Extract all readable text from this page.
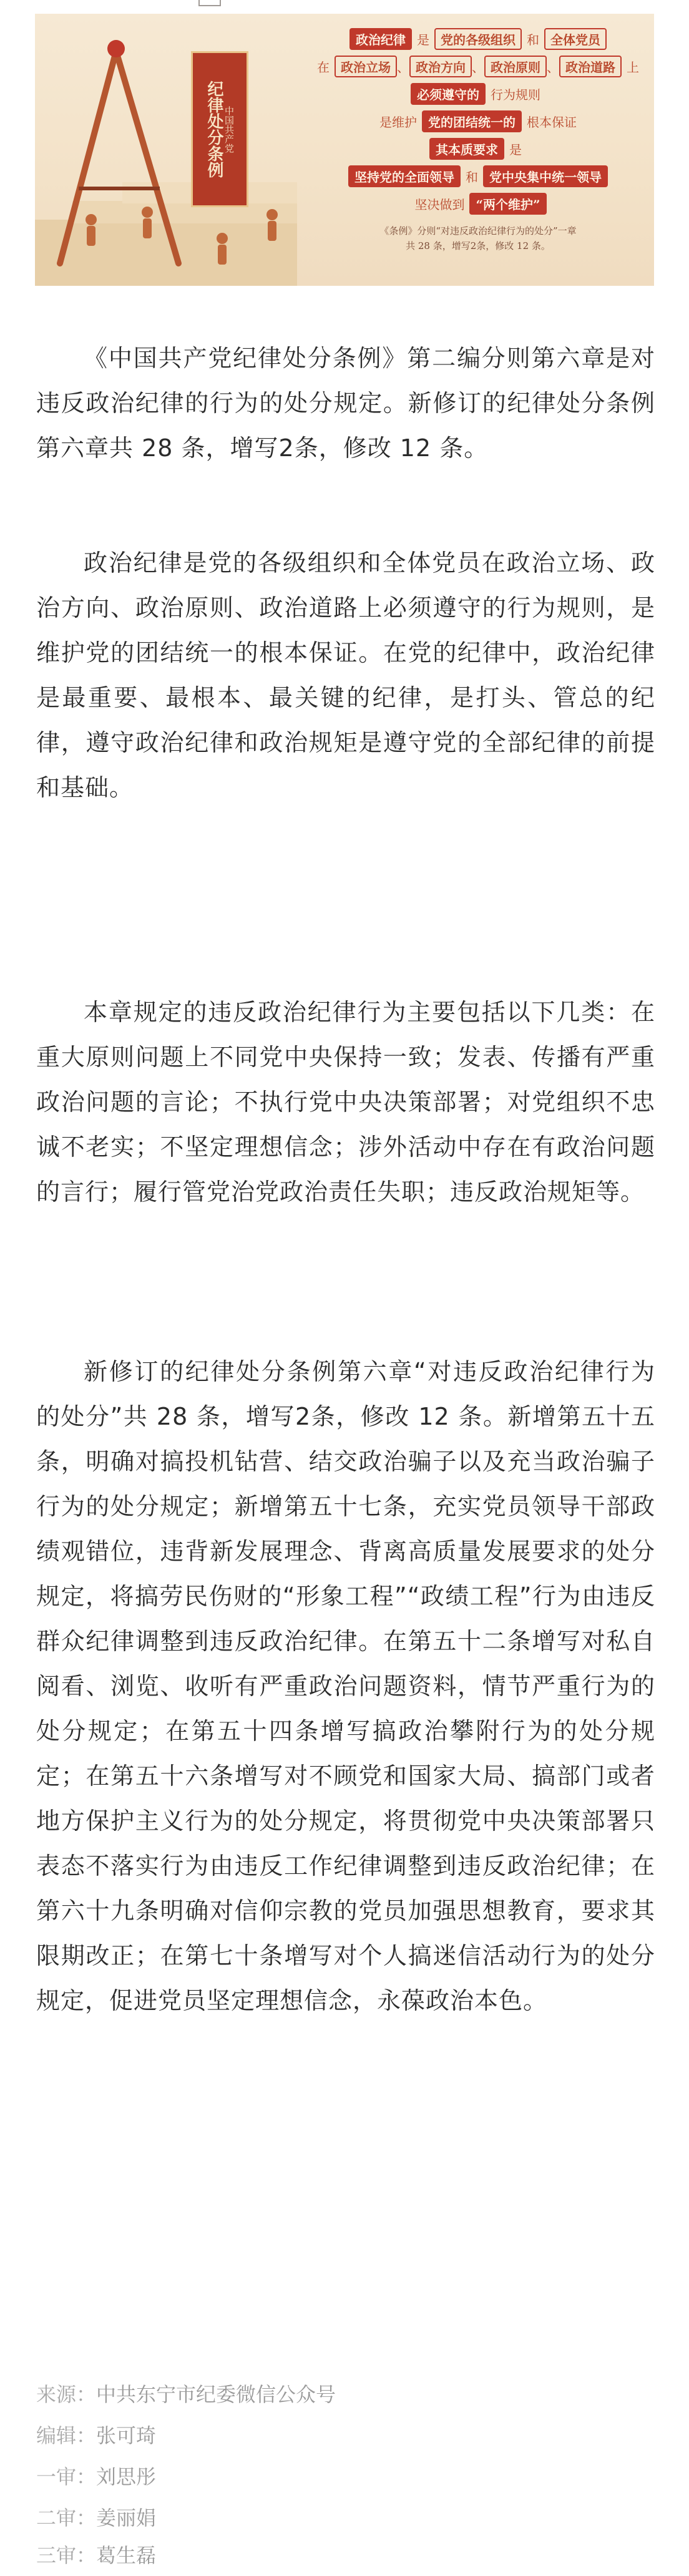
中国共产党
纪律处分条例
政治纪律 是 党的各级组织 和 全体党员
在 政治立场 、 政治方向 、 政治原则 、 政治道路 上
必须遵守的 行为规则
是维护 党的团结统一的 根本保证
其本质要求 是
坚持党的全面领导 和 党中央集中统一领导
坚决做到 “两个维护”
《条例》分则“对违反政治纪律行为的处分”一章
共 28 条，增写2条，修改 12 条。

《中国共产党纪律处分条例》第二编分则第六章是对违反政治纪律的行为的处分规定。新修订的纪律处分条例第六章共 28 条，增写2条，修改 12 条。

政治纪律是党的各级组织和全体党员在政治立场、政治方向、政治原则、政治道路上必须遵守的行为规则，是维护党的团结统一的根本保证。在党的纪律中，政治纪律是最重要、最根本、最关键的纪律，是打头、管总的纪律，遵守政治纪律和政治规矩是遵守党的全部纪律的前提和基础。

本章规定的违反政治纪律行为主要包括以下几类：在重大原则问题上不同党中央保持一致；发表、传播有严重政治问题的言论；不执行党中央决策部署；对党组织不忠诚不老实；不坚定理想信念；涉外活动中存在有政治问题的言行；履行管党治党政治责任失职；违反政治规矩等。

新修订的纪律处分条例第六章“对违反政治纪律行为的处分”共 28 条，增写2条，修改 12 条。新增第五十五条，明确对搞投机钻营、结交政治骗子以及充当政治骗子行为的处分规定；新增第五十七条，充实党员领导干部政绩观错位，违背新发展理念、背离高质量发展要求的处分规定，将搞劳民伤财的“形象工程”“政绩工程”行为由违反群众纪律调整到违反政治纪律。在第五十二条增写对私自阅看、浏览、收听有严重政治问题资料，情节严重行为的处分规定；在第五十四条增写搞政治攀附行为的处分规定；在第五十六条增写对不顾党和国家大局、搞部门或者地方保护主义行为的处分规定，将贯彻党中央决策部署只表态不落实行为由违反工作纪律调整到违反政治纪律；在第六十九条明确对信仰宗教的党员加强思想教育，要求其限期改正；在第七十条增写对个人搞迷信活动行为的处分规定，促进党员坚定理想信念，永葆政治本色。

来源：中共东宁市纪委微信公众号
编辑：张可琦
一审：刘思彤
二审：姜丽娟
三审：葛生磊
